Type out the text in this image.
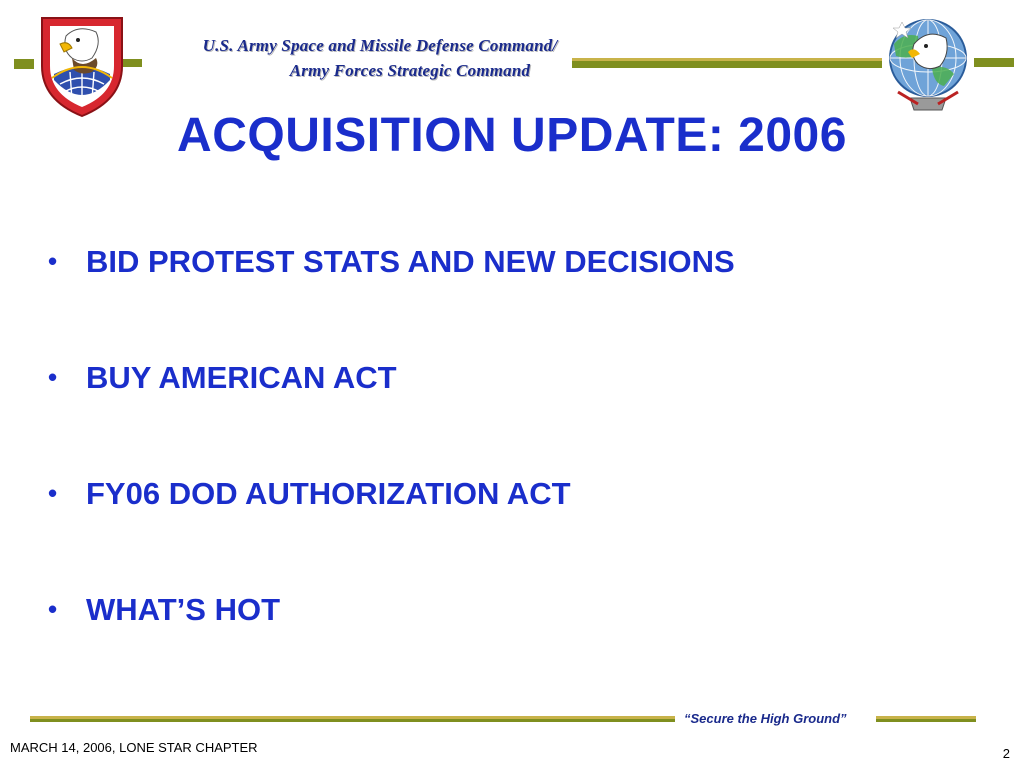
U.S. Army Space and Missile Defense Command/
Army Forces Strategic Command
ACQUISITION UPDATE: 2006
• BID PROTEST STATS AND NEW DECISIONS
• BUY AMERICAN ACT
• FY06 DOD AUTHORIZATION ACT
• WHAT’S HOT
“Secure the High Ground”
MARCH 14, 2006, LONE STAR CHAPTER	2
